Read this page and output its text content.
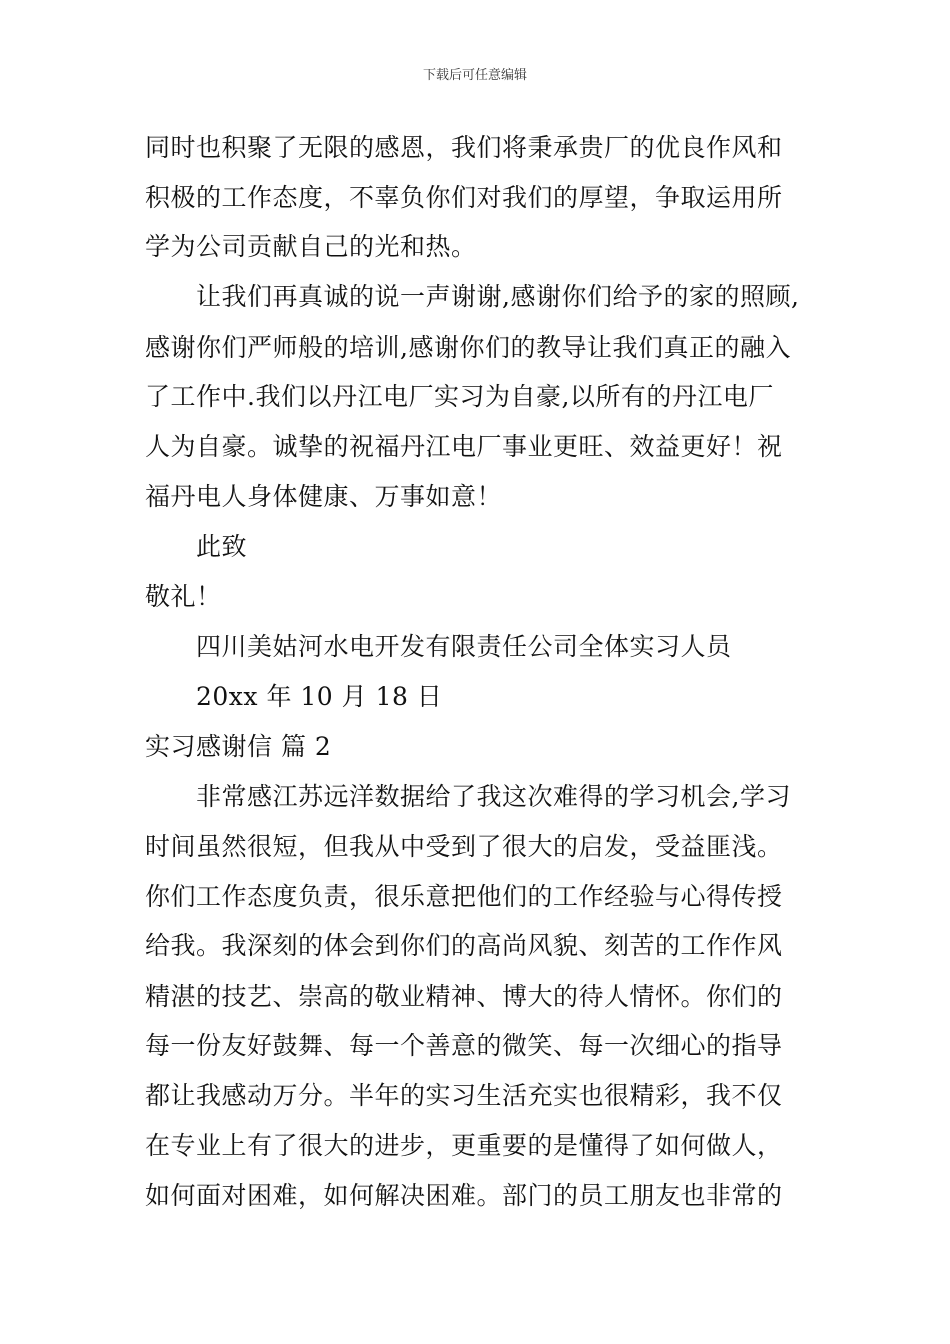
下载后可任意编辑
同时也积聚了无限的感恩，我们将秉承贵厂的优良作风和
积极的工作态度，不辜负你们对我们的厚望，争取运用所
学为公司贡献自己的光和热。
让我们再真诚的说一声谢谢,感谢你们给予的家的照顾,
感谢你们严师般的培训,感谢你们的教导让我们真正的融入
了工作中.我们以丹江电厂实习为自豪,以所有的丹江电厂
人为自豪。诚挚的祝福丹江电厂事业更旺、效益更好！祝
福丹电人身体健康、万事如意！
此致
敬礼！
四川美姑河水电开发有限责任公司全体实习人员
20xx 年 10 月 18 日
实习感谢信 篇 2
非常感江苏远洋数据给了我这次难得的学习机会,学习
时间虽然很短，但我从中受到了很大的启发，受益匪浅。
你们工作态度负责，很乐意把他们的工作经验与心得传授
给我。我深刻的体会到你们的高尚风貌、刻苦的工作作风
精湛的技艺、崇高的敬业精神、博大的待人情怀。你们的
每一份友好鼓舞、每一个善意的微笑、每一次细心的指导
都让我感动万分。半年的实习生活充实也很精彩，我不仅
在专业上有了很大的进步，更重要的是懂得了如何做人，
如何面对困难，如何解决困难。部门的员工朋友也非常的
